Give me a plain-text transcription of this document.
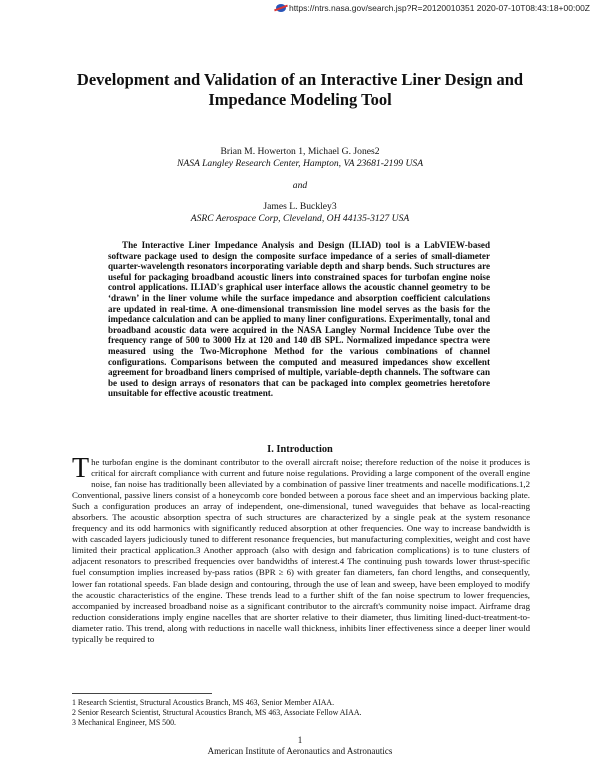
https://ntrs.nasa.gov/search.jsp?R=20120010351 2020-07-10T08:43:18+00:00Z
Development and Validation of an Interactive Liner Design and Impedance Modeling Tool

Brian M. Howerton 1, Michael G. Jones2

NASA Langley Research Center, Hampton, VA 23681-2199 USA

and

James L. Buckley3

ASRC Aerospace Corp, Cleveland, OH 44135-3127 USA

The Interactive Liner Impedance Analysis and Design (ILIAD) tool is a LabVIEW-based software package used to design the composite surface impedance of a series of small-diameter quarter-wavelength resonators incorporating variable depth and sharp bends. Such structures are useful for packaging broadband acoustic liners into constrained spaces for turbofan engine noise control applications. ILIAD's graphical user interface allows the acoustic channel geometry to be ‘drawn’ in the liner volume while the surface impedance and absorption coefficient calculations are updated in real-time. A one-dimensional transmission line model serves as the basis for the impedance calculation and can be applied to many liner configurations. Experimentally, tonal and broadband acoustic data were acquired in the NASA Langley Normal Incidence Tube over the frequency range of 500 to 3000 Hz at 120 and 140 dB SPL. Normalized impedance spectra were measured using the Two-Microphone Method for the various combinations of channel configurations. Comparisons between the computed and measured impedances show excellent agreement for broadband liners comprised of multiple, variable-depth channels. The software can be used to design arrays of resonators that can be packaged into complex geometries heretofore unsuitable for effective acoustic treatment.

I. Introduction

The turbofan engine is the dominant contributor to the overall aircraft noise; therefore reduction of the noise it produces is critical for aircraft compliance with current and future noise regulations. Providing a large component of the overall engine noise, fan noise has traditionally been alleviated by a combination of passive liner treatments and nacelle modifications.1,2 Conventional, passive liners consist of a honeycomb core bonded between a porous face sheet and an impervious backing plate. Such a configuration produces an array of independent, one-dimensional, tuned waveguides that behave as local-reacting absorbers. The acoustic absorption spectra of such structures are characterized by a single peak at the system resonance frequency and its odd harmonics with significantly reduced absorption at other frequencies. One way to increase bandwidth is with cascaded layers judiciously tuned to different resonance frequencies, but manufacturing complexities, weight and cost have limited their practical application.3 Another approach (also with design and fabrication complications) is to tune clusters of adjacent resonators to prescribed frequencies over bandwidths of interest.4 The continuing push towards lower thrust-specific fuel consumption implies increased by-pass ratios (BPR ≥ 6) with greater fan diameters, fan chord lengths, and consequently, lower fan rotational speeds. Fan blade design and contouring, through the use of lean and sweep, have been employed to modify the acoustic characteristics of the engine. These trends lead to a further shift of the fan noise spectrum to lower frequencies, accompanied by increased broadband noise as a significant contributor to the aircraft's community noise impact. Airframe drag reduction considerations imply engine nacelles that are shorter relative to their diameter, thus limiting lined-duct-treatment-to-diameter ratio. This trend, along with reductions in nacelle wall thickness, inhibits liner effectiveness since a deeper liner would typically be required to

1 Research Scientist, Structural Acoustics Branch, MS 463, Senior Member AIAA.
2 Senior Research Scientist, Structural Acoustics Branch, MS 463, Associate Fellow AIAA.
3 Mechanical Engineer, MS 500.

1

American Institute of Aeronautics and Astronautics
